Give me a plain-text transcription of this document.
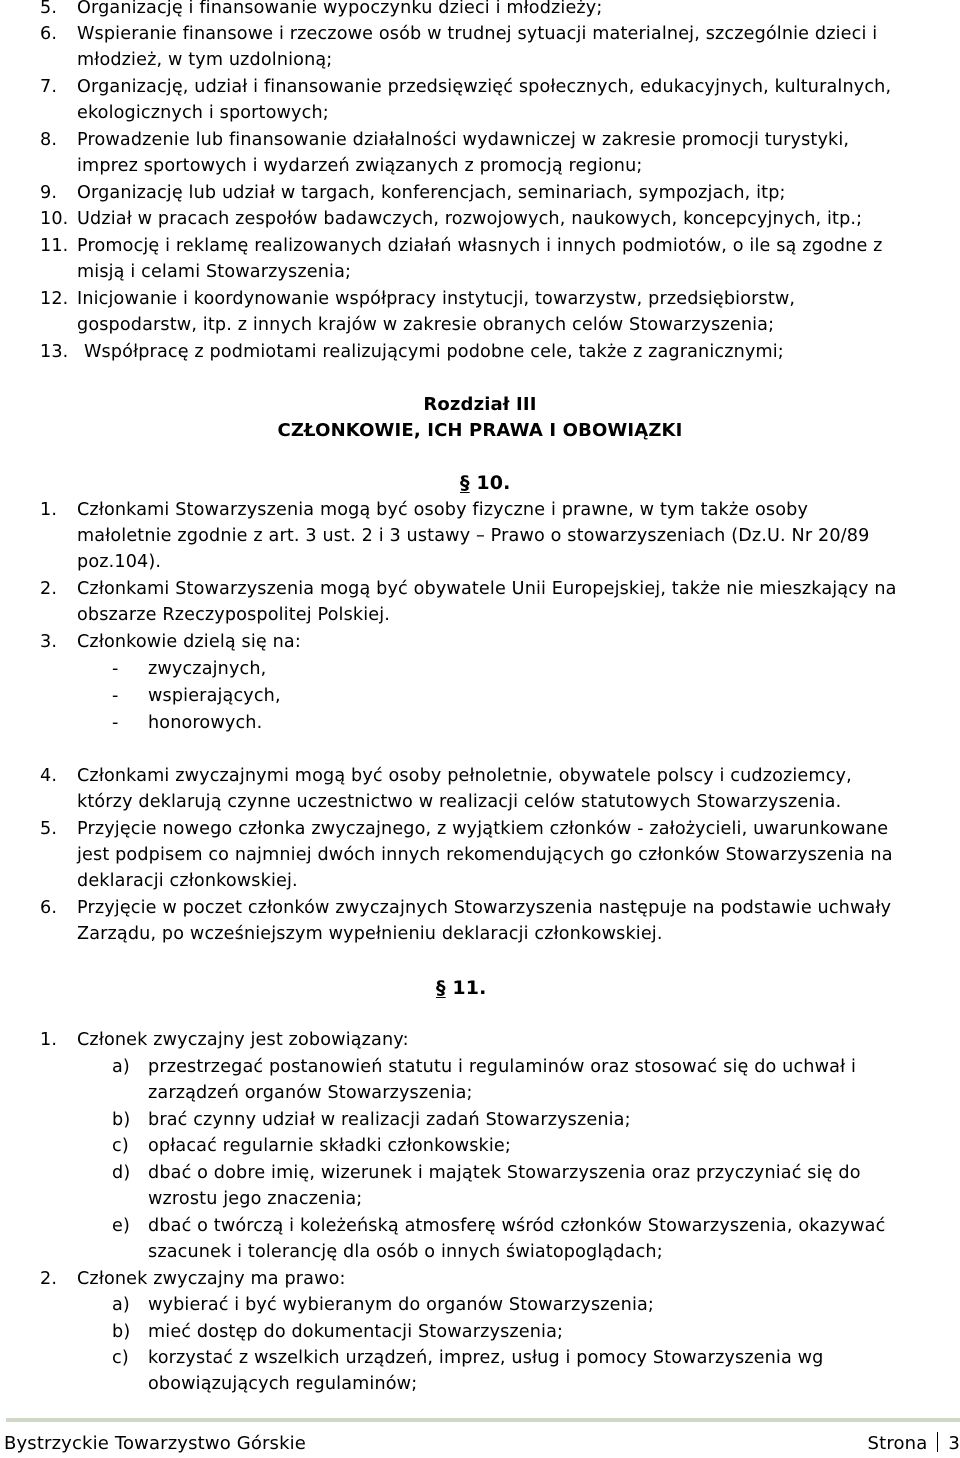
5. Organizację i finansowanie wypoczynku dzieci i młodzieży;
6. Wspieranie finansowe i rzeczowe osób w trudnej sytuacji materialnej, szczególnie dzieci i
młodzież, w tym uzdolnioną;
7. Organizację, udział i finansowanie przedsięwzięć społecznych, edukacyjnych, kulturalnych,
ekologicznych i sportowych;
8. Prowadzenie lub finansowanie działalności wydawniczej w zakresie promocji turystyki,
imprez sportowych i wydarzeń związanych z promocją regionu;
9. Organizację lub udział w targach, konferencjach, seminariach, sympozjach, itp;
10. Udział w pracach zespołów badawczych, rozwojowych, naukowych, koncepcyjnych, itp.;
11. Promocję i reklamę realizowanych działań własnych i innych podmiotów, o ile są zgodne z
misją i celami Stowarzyszenia;
12. Inicjowanie i koordynowanie współpracy instytucji, towarzystw, przedsiębiorstw,
gospodarstw, itp. z innych krajów w zakresie obranych celów Stowarzyszenia;
13. Współpracę z podmiotami realizującymi podobne cele, także z zagranicznymi;
Rozdział III
CZŁONKOWIE, ICH PRAWA I OBOWIĄZKI
§ 10.
1. Członkami Stowarzyszenia mogą być osoby fizyczne i prawne, w tym także osoby
małoletnie zgodnie z art. 3 ust. 2 i 3 ustawy – Prawo o stowarzyszeniach (Dz.U. Nr 20/89
poz.104).
2. Członkami Stowarzyszenia mogą być obywatele Unii Europejskiej, także nie mieszkający na
obszarze Rzeczypospolitej Polskiej.
3. Członkowie dzielą się na:
- zwyczajnych,
- wspierających,
- honorowych.
4. Członkami zwyczajnymi mogą być osoby pełnoletnie, obywatele polscy i cudzoziemcy,
którzy deklarują czynne uczestnictwo w realizacji celów statutowych Stowarzyszenia.
5. Przyjęcie nowego członka zwyczajnego, z wyjątkiem członków - założycieli, uwarunkowane
jest podpisem co najmniej dwóch innych rekomendujących go członków Stowarzyszenia na
deklaracji członkowskiej.
6. Przyjęcie w poczet członków zwyczajnych Stowarzyszenia następuje na podstawie uchwały
Zarządu, po wcześniejszym wypełnieniu deklaracji członkowskiej.
§ 11.
1. Członek zwyczajny jest zobowiązany:
a) przestrzegać postanowień statutu i regulaminów oraz stosować się do uchwał i
zarządzeń organów Stowarzyszenia;
b) brać czynny udział w realizacji zadań Stowarzyszenia;
c) opłacać regularnie składki członkowskie;
d) dbać o dobre imię, wizerunek i majątek Stowarzyszenia oraz przyczyniać się do
wzrostu jego znaczenia;
e) dbać o twórczą i koleżeńską atmosferę wśród członków Stowarzyszenia, okazywać
szacunek i tolerancję dla osób o innych światopoglądach;
2. Członek zwyczajny ma prawo:
a) wybierać i być wybieranym do organów Stowarzyszenia;
b) mieć dostęp do dokumentacji Stowarzyszenia;
c) korzystać z wszelkich urządzeń, imprez, usług i pomocy Stowarzyszenia wg
obowiązujących regulaminów;
Bystrzyckie Towarzystwo Górskie	Strona 3
